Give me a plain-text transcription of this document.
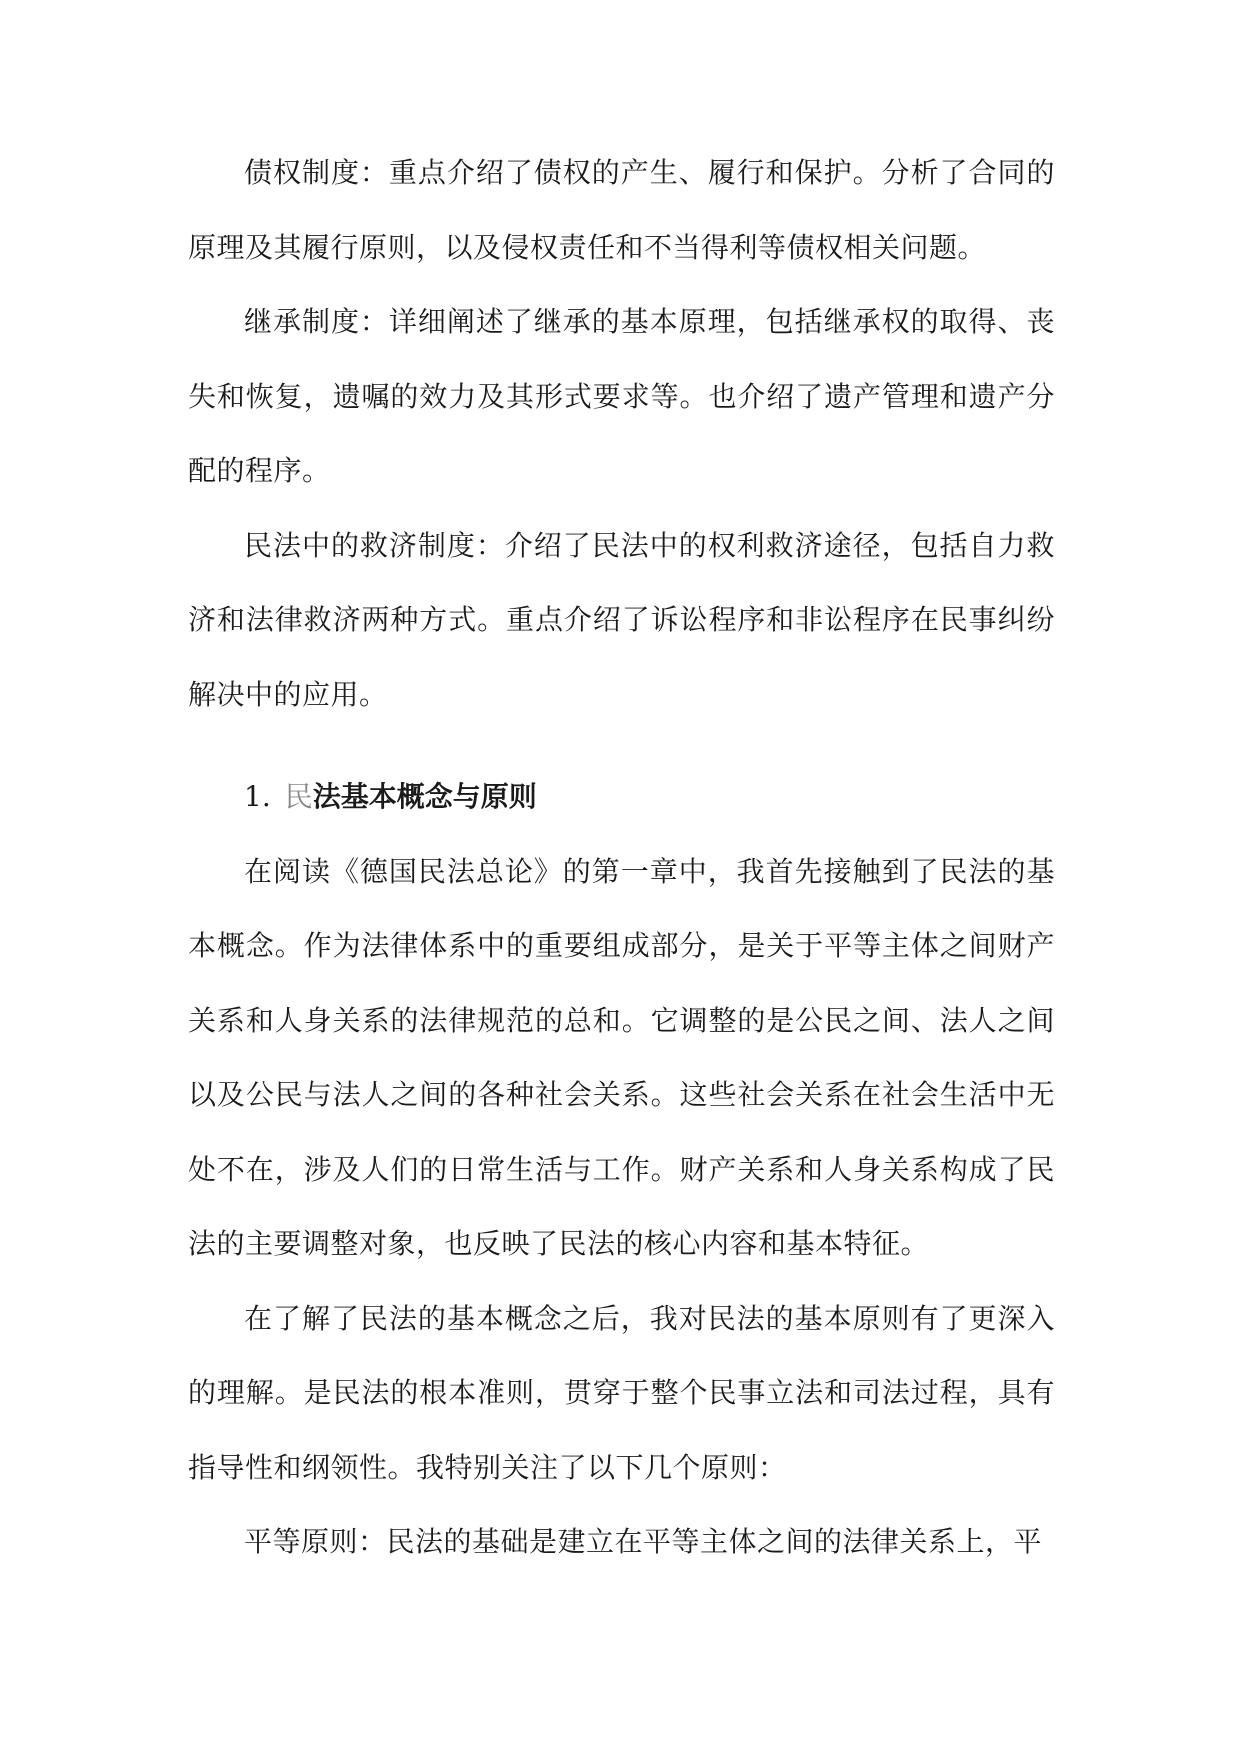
债权制度：重点介绍了债权的产生、履行和保护。分析了合同的原理及其履行原则，以及侵权责任和不当得利等债权相关问题。

继承制度：详细阐述了继承的基本原理，包括继承权的取得、丧失和恢复，遗嘱的效力及其形式要求等。也介绍了遗产管理和遗产分配的程序。

民法中的救济制度：介绍了民法中的权利救济途径，包括自力救济和法律救济两种方式。重点介绍了诉讼程序和非讼程序在民事纠纷解决中的应用。

1. 民法基本概念与原则

在阅读《德国民法总论》的第一章中，我首先接触到了民法的基本概念。作为法律体系中的重要组成部分，是关于平等主体之间财产关系和人身关系的法律规范的总和。它调整的是公民之间、法人之间以及公民与法人之间的各种社会关系。这些社会关系在社会生活中无处不在，涉及人们的日常生活与工作。财产关系和人身关系构成了民法的主要调整对象，也反映了民法的核心内容和基本特征。

在了解了民法的基本概念之后，我对民法的基本原则有了更深入的理解。是民法的根本准则，贯穿于整个民事立法和司法过程，具有指导性和纲领性。我特别关注了以下几个原则：

平等原则：民法的基础是建立在平等主体之间的法律关系上，平
